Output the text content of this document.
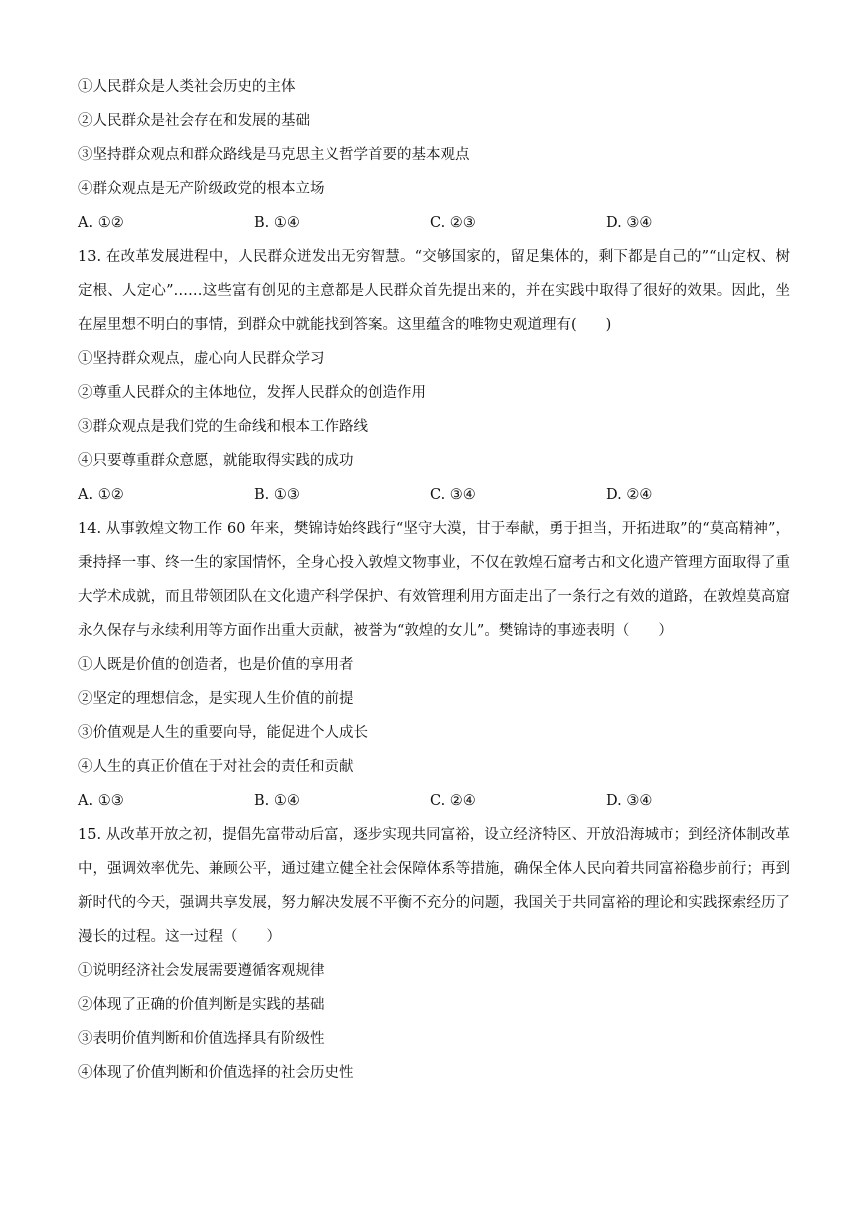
①人民群众是人类社会历史的主体
②人民群众是社会存在和发展的基础
③坚持群众观点和群众路线是马克思主义哲学首要的基本观点
④群众观点是无产阶级政党的根本立场
A. ①②	B. ①④	C. ②③	D. ③④
13. 在改革发展进程中，人民群众迸发出无穷智慧。“交够国家的，留足集体的，剩下都是自己的”“山定权、树定根、人定心”……这些富有创见的主意都是人民群众首先提出来的，并在实践中取得了很好的效果。因此，坐在屋里想不明白的事情，到群众中就能找到答案。这里蕴含的唯物史观道理有(　　)
①坚持群众观点，虚心向人民群众学习
②尊重人民群众的主体地位，发挥人民群众的创造作用
③群众观点是我们党的生命线和根本工作路线
④只要尊重群众意愿，就能取得实践的成功
A. ①②	B. ①③	C. ③④	D. ②④
14. 从事敦煌文物工作 60 年来，樊锦诗始终践行“坚守大漠，甘于奉献，勇于担当，开拓进取”的“莫高精神”，秉持择一事、终一生的家国情怀，全身心投入敦煌文物事业，不仅在敦煌石窟考古和文化遗产管理方面取得了重大学术成就，而且带领团队在文化遗产科学保护、有效管理利用方面走出了一条行之有效的道路，在敦煌莫高窟永久保存与永续利用等方面作出重大贡献，被誉为“敦煌的女儿”。樊锦诗的事迹表明（　　）
①人既是价值的创造者，也是价值的享用者
②坚定的理想信念，是实现人生价值的前提
③价值观是人生的重要向导，能促进个人成长
④人生的真正价值在于对社会的责任和贡献
A. ①③	B. ①④	C. ②④	D. ③④
15. 从改革开放之初，提倡先富带动后富，逐步实现共同富裕，设立经济特区、开放沿海城市；到经济体制改革中，强调效率优先、兼顾公平，通过建立健全社会保障体系等措施，确保全体人民向着共同富裕稳步前行；再到新时代的今天，强调共享发展，努力解决发展不平衡不充分的问题，我国关于共同富裕的理论和实践探索经历了漫长的过程。这一过程（　　）
①说明经济社会发展需要遵循客观规律
②体现了正确的价值判断是实践的基础
③表明价值判断和价值选择具有阶级性
④体现了价值判断和价值选择的社会历史性
